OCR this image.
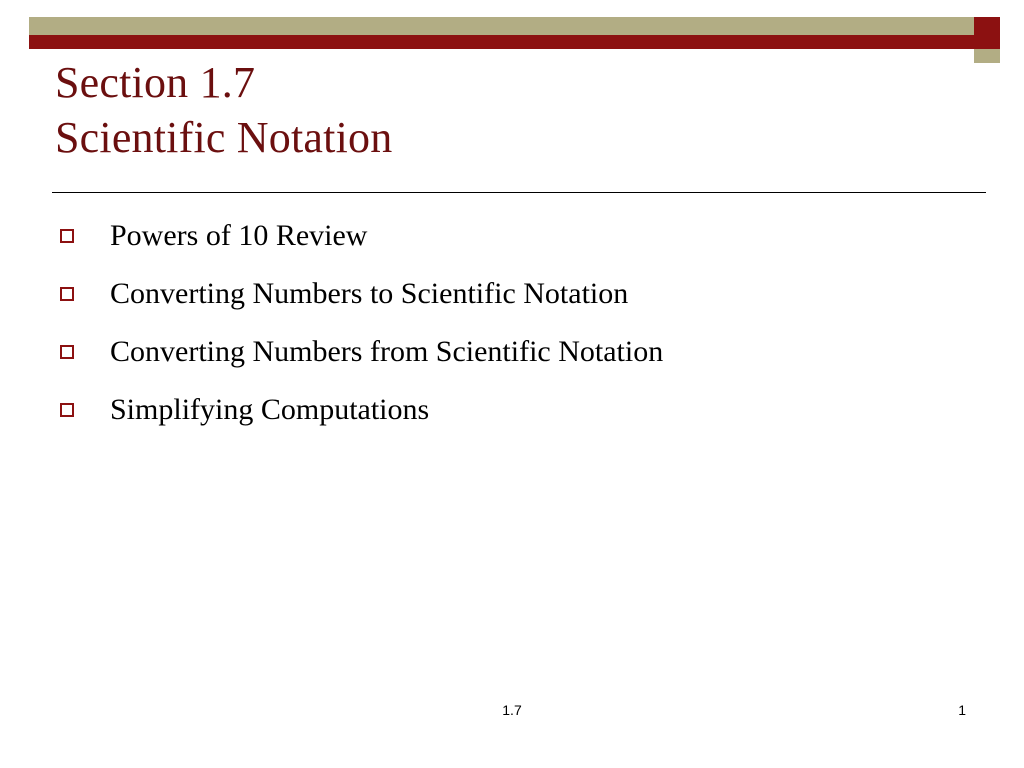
Section 1.7
Scientific Notation
Powers of 10 Review
Converting Numbers to Scientific Notation
Converting Numbers from Scientific Notation
Simplifying Computations
1.7	1
